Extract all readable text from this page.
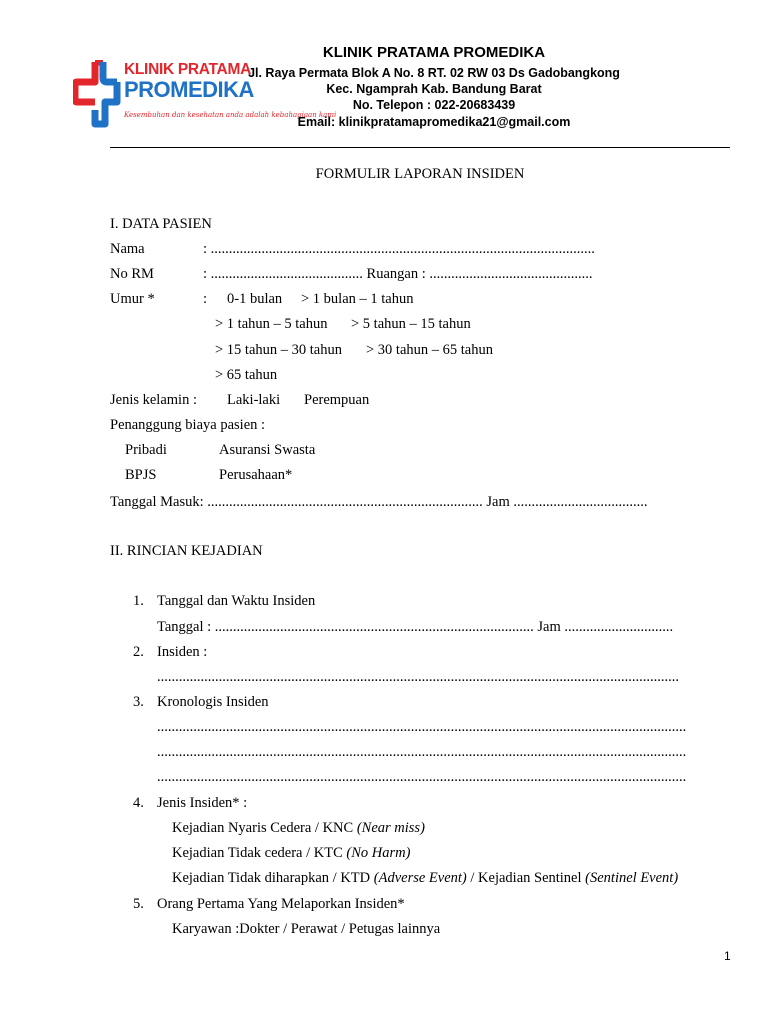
KLINIK PRATAMA
PROMEDIKA
Kesembuhan dan kesehatan anda adalah kebahagiaan kami
KLINIK PRATAMA PROMEDIKA
Jl. Raya Permata Blok A No. 8 RT. 02 RW 03 Ds Gadobangkong
Kec. Ngamprah Kab. Bandung Barat
No. Telepon : 022-20683439
Email: klinikpratamapromedika21@gmail.com
FORMULIR LAPORAN INSIDEN
I. DATA PASIEN
Nama	: ..........................................................................................................
No RM	: .......................................... Ruangan : .............................................
Umur *	: 0-1 bulan > 1 bulan – 1 tahun
> 1 tahun – 5 tahun > 5 tahun – 15 tahun
> 15 tahun – 30 tahun > 30 tahun – 65 tahun
> 65 tahun
Jenis kelamin : Laki-laki Perempuan
Penanggung biaya pasien :
Pribadi	Asuransi Swasta
BPJS	Perusahaan*
Tanggal Masuk: ............................................................................ Jam .....................................
II. RINCIAN KEJADIAN
1. Tanggal dan Waktu Insiden
Tanggal : ........................................................................................ Jam ..............................
2. Insiden :
................................................................................................................................................
3. Kronologis Insiden
..................................................................................................................................................
..................................................................................................................................................
..................................................................................................................................................
4. Jenis Insiden* :
Kejadian Nyaris Cedera / KNC (Near miss)
Kejadian Tidak cedera / KTC (No Harm)
Kejadian Tidak diharapkan / KTD (Adverse Event) / Kejadian Sentinel (Sentinel Event)
5. Orang Pertama Yang Melaporkan Insiden*
Karyawan :Dokter / Perawat / Petugas lainnya
1
